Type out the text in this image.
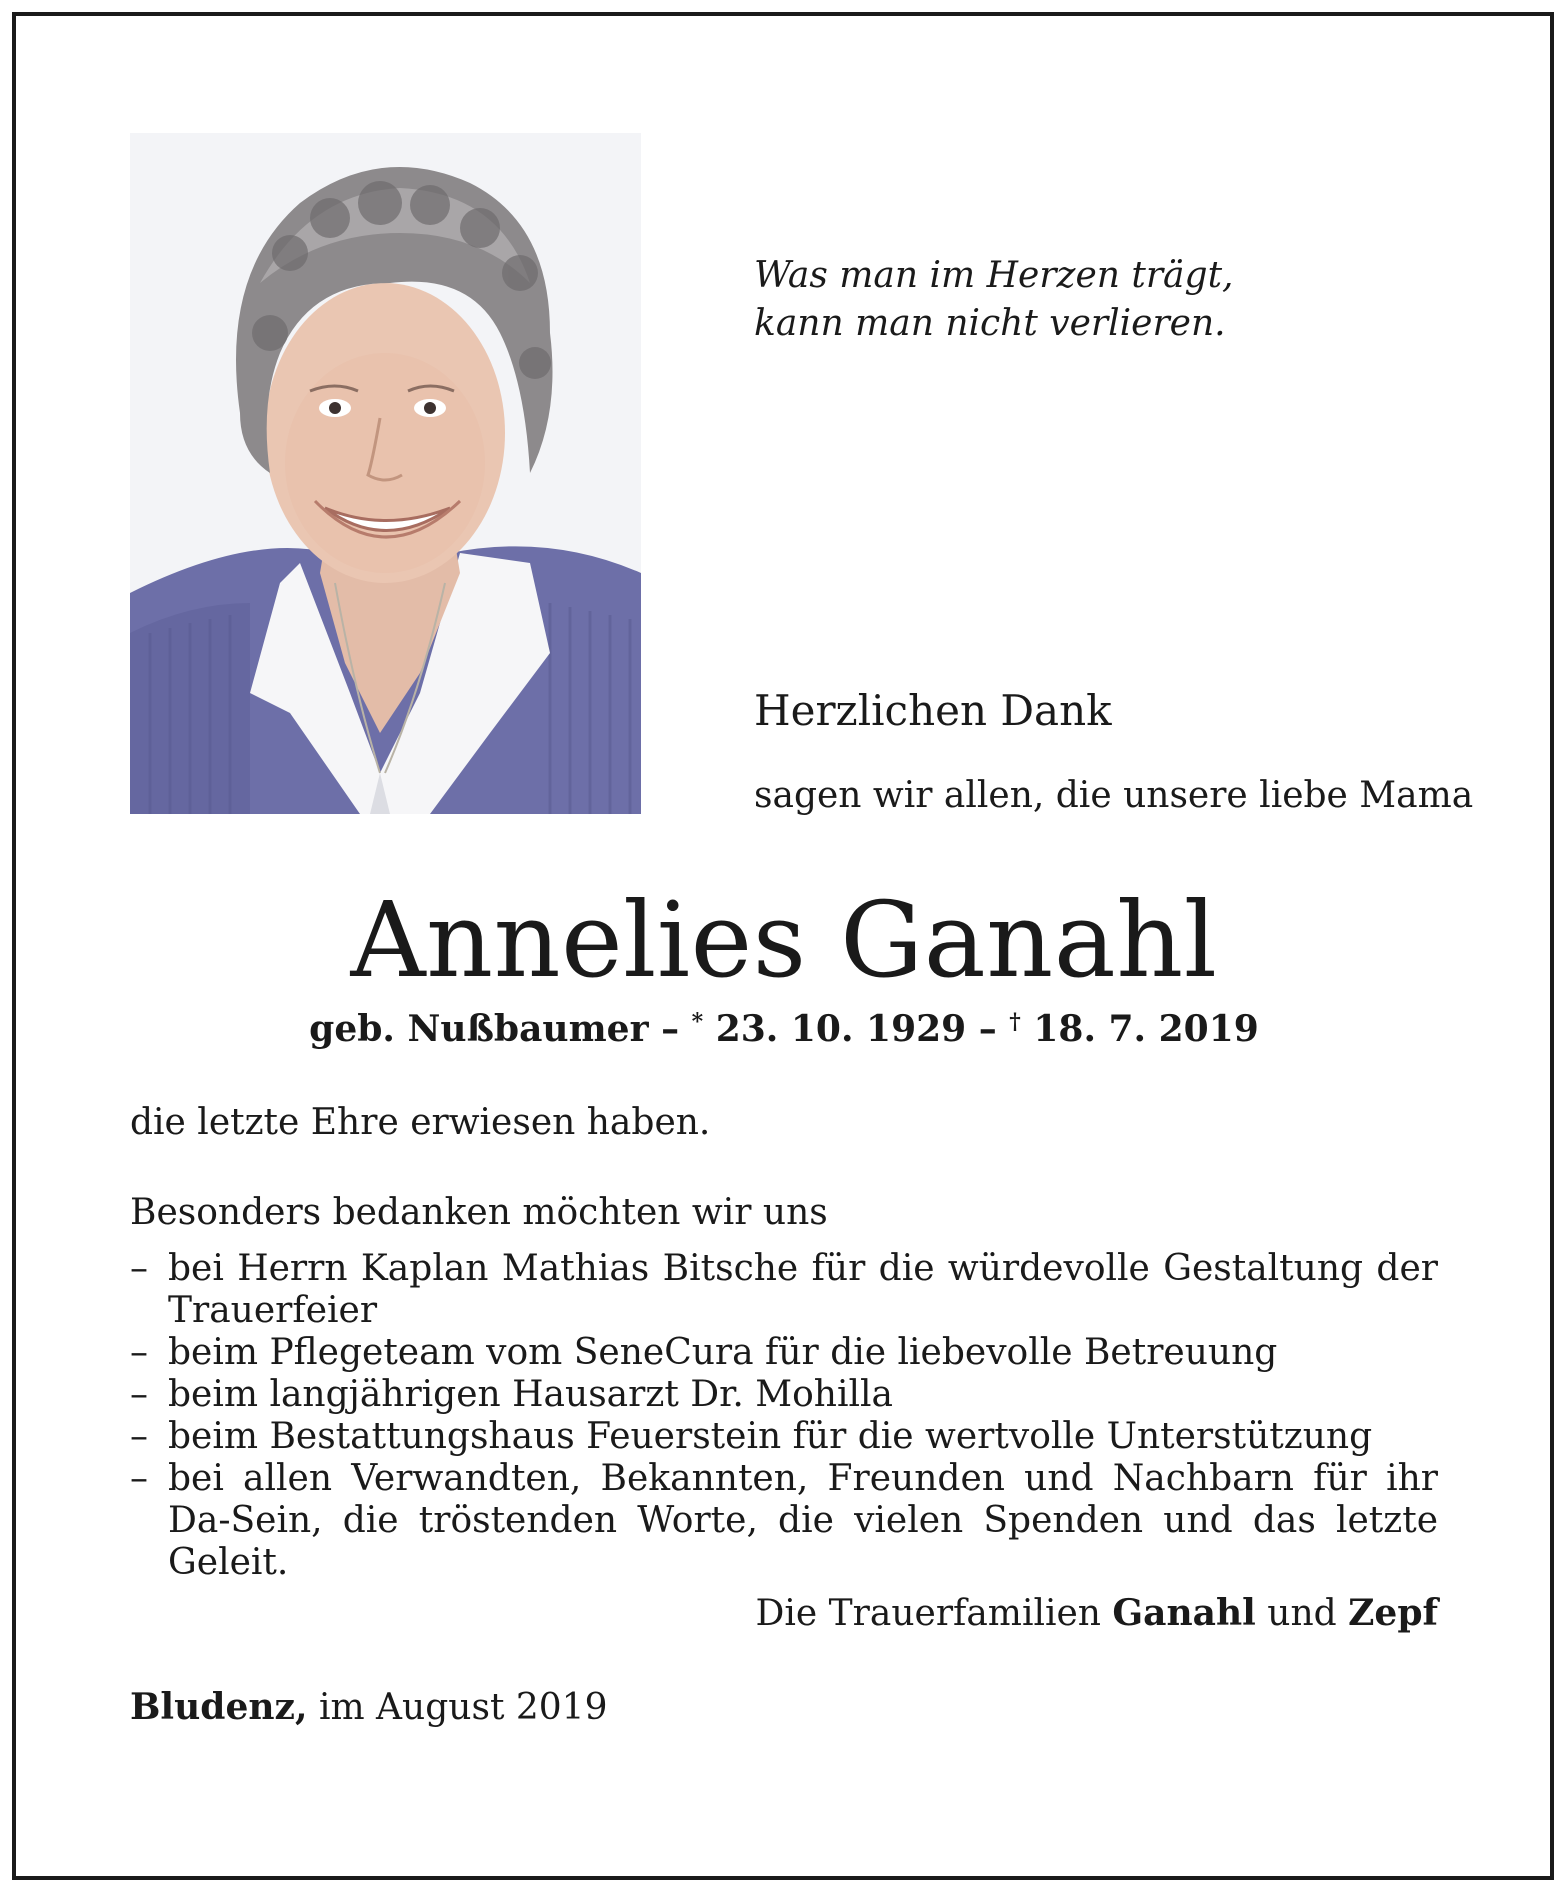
Was man im Herzen trägt,
kann man nicht verlieren.
Herzlichen Dank
sagen wir allen, die unsere liebe Mama
Annelies Ganahl
geb. Nußbaumer – * 23. 10. 1929 – † 18. 7. 2019
die letzte Ehre erwiesen haben.
Besonders bedanken möchten wir uns
– bei Herrn Kaplan Mathias Bitsche für die würdevolle Gestaltung der Trauerfeier
– beim Pflegeteam vom SeneCura für die liebevolle Betreuung
– beim langjährigen Hausarzt Dr. Mohilla
– beim Bestattungshaus Feuerstein für die wertvolle Unterstützung
– bei allen Verwandten, Bekannten, Freunden und Nachbarn für ihr Da-Sein, die tröstenden Worte, die vielen Spenden und das letzte Geleit.
Die Trauerfamilien Ganahl und Zepf
Bludenz, im August 2019
